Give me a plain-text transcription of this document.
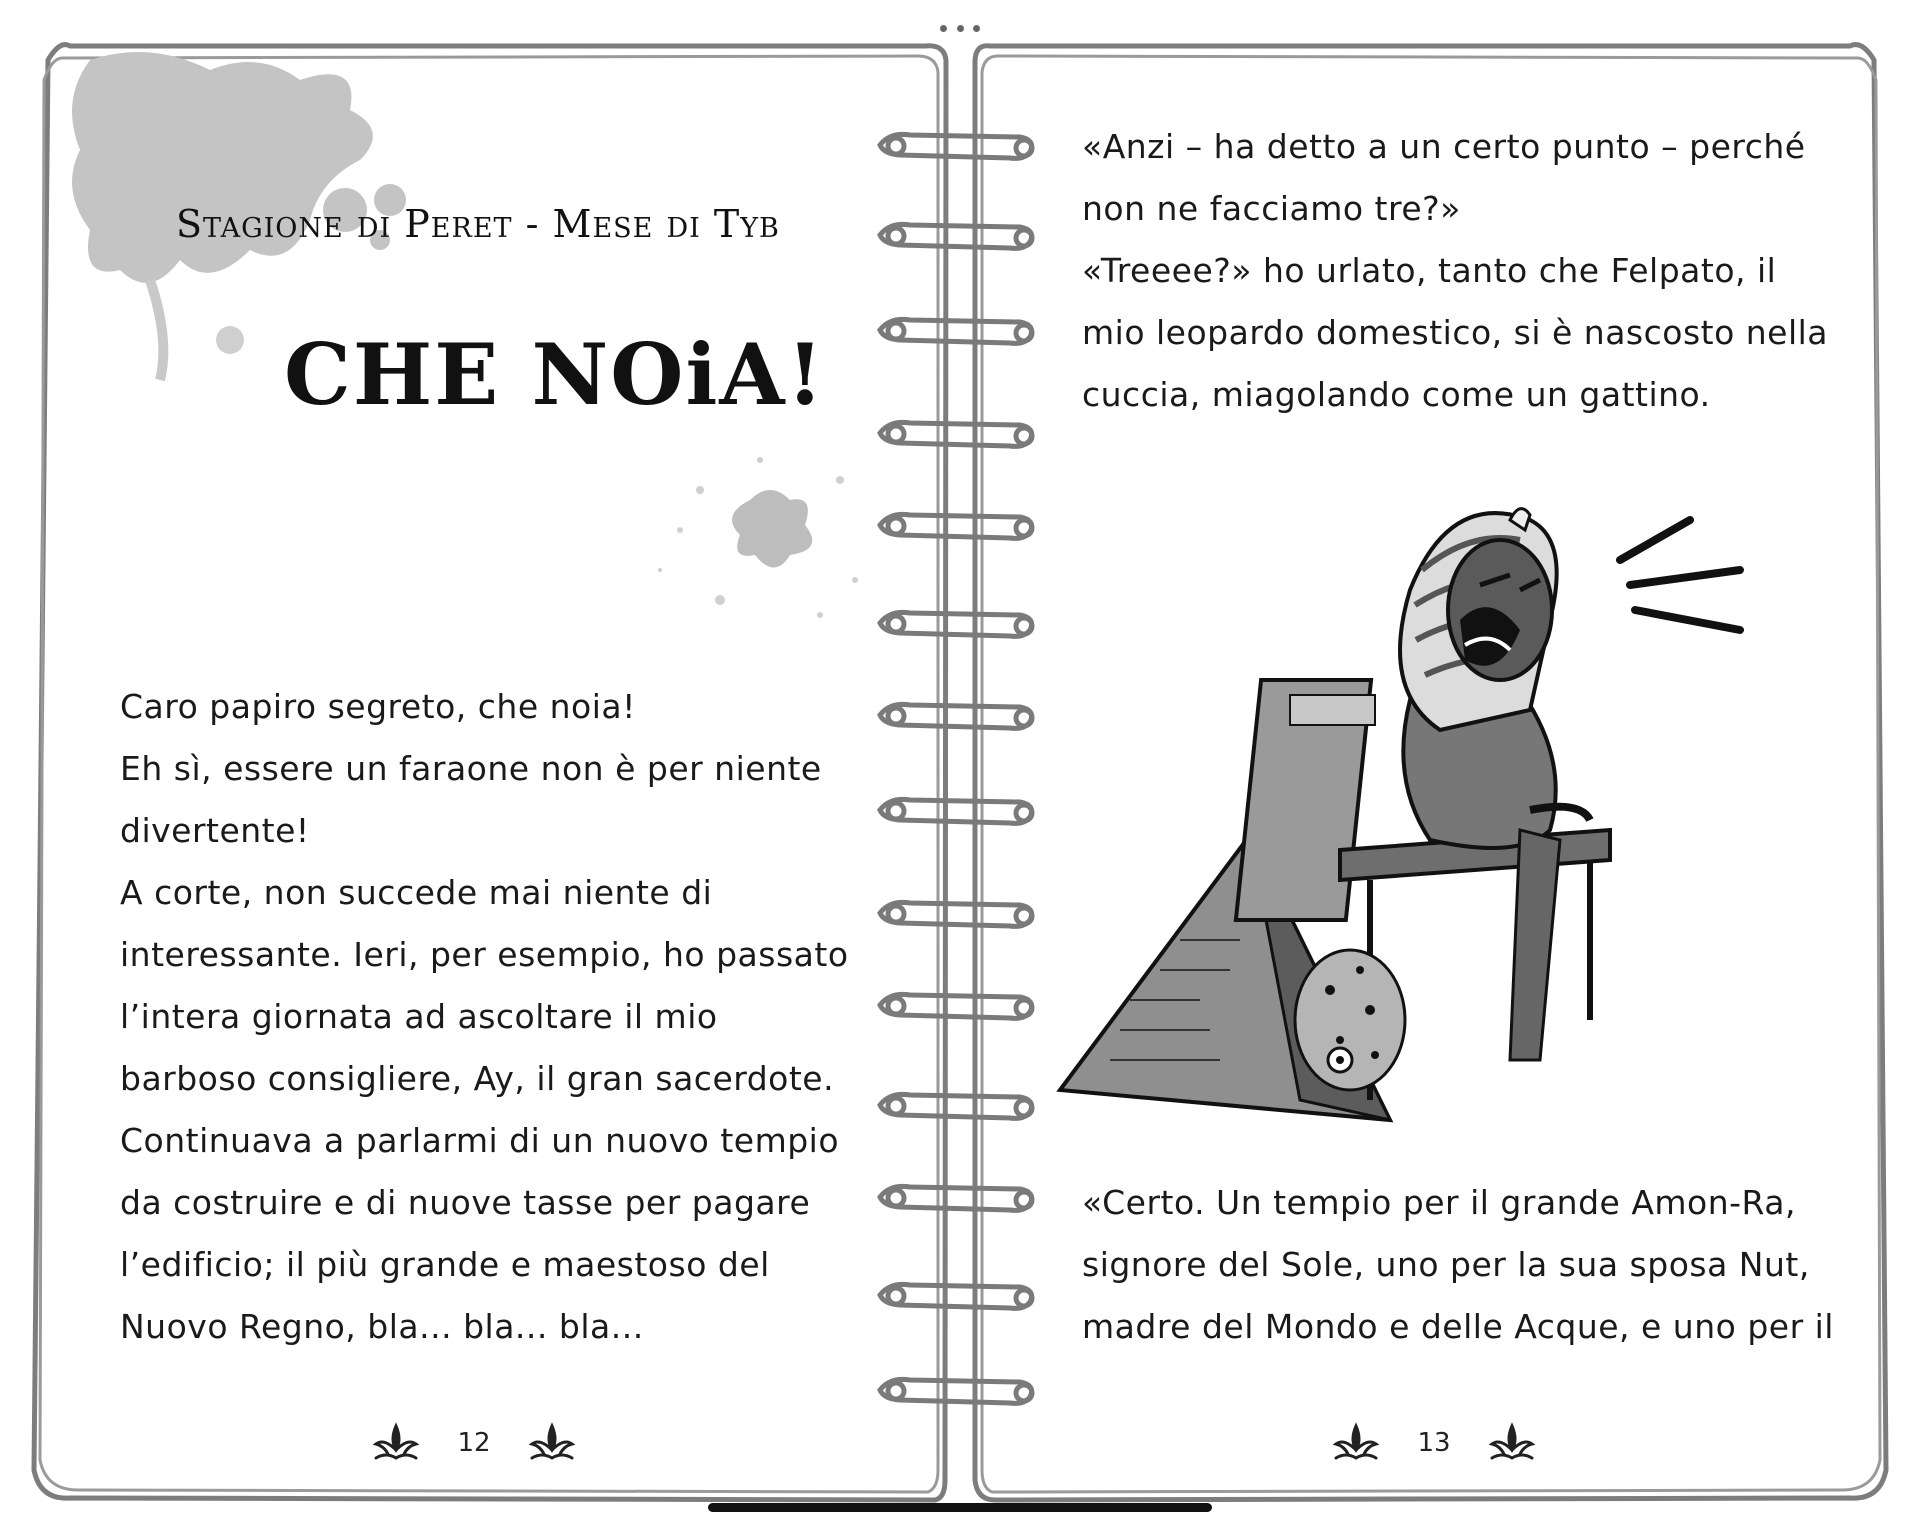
Stagione di Peret - Mese di Tyb
CHE NOiA!
Caro papiro segreto, che noia!
Eh sì, essere un faraone non è per niente
divertente!
A corte, non succede mai niente di
interessante. Ieri, per esempio, ho passato
l’intera giornata ad ascoltare il mio
barboso consigliere, Ay, il gran sacerdote.
Continuava a parlarmi di un nuovo tempio
da costruire e di nuove tasse per pagare
l’edificio; il più grande e maestoso del
Nuovo Regno, bla... bla... bla...
12
«Anzi – ha detto a un certo punto – perché
non ne facciamo tre?»
«Treeee?» ho urlato, tanto che Felpato, il
mio leopardo domestico, si è nascosto nella
cuccia, miagolando come un gattino.
«Certo. Un tempio per il grande Amon-Ra,
signore del Sole, uno per la sua sposa Nut,
madre del Mondo e delle Acque, e uno per il
13
